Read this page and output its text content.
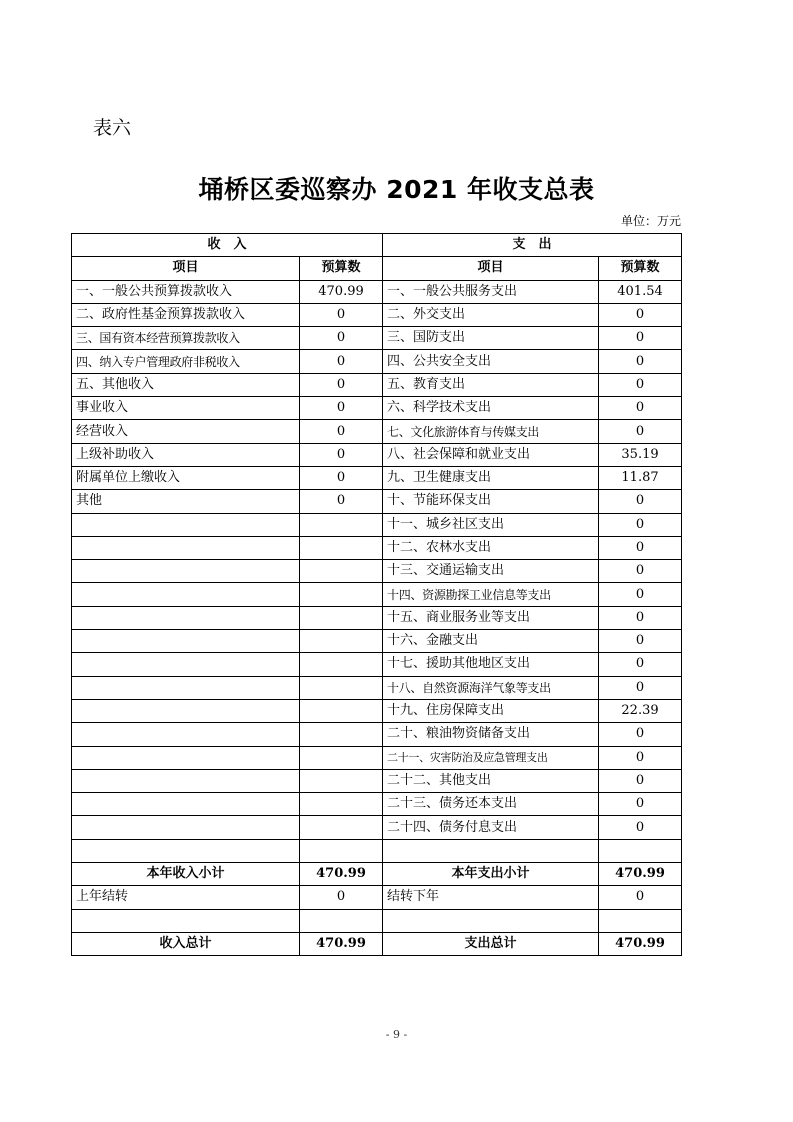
表六
埇桥区委巡察办 2021 年收支总表
单位：万元
收　入		支　出	
项目	预算数	项目	预算数
一、一般公共预算拨款收入	470.99	一、一般公共服务支出	401.54
二、政府性基金预算拨款收入	0	二、外交支出	0
三、国有资本经营预算拨款收入	0	三、国防支出	0
四、纳入专户管理政府非税收入	0	四、公共安全支出	0
五、其他收入	0	五、教育支出	0
事业收入	0	六、科学技术支出	0
经营收入	0	七、文化旅游体育与传媒支出	0
上级补助收入	0	八、社会保障和就业支出	35.19
附属单位上缴收入	0	九、卫生健康支出	11.87
其他	0	十、节能环保支出	0
		十一、城乡社区支出	0
		十二、农林水支出	0
		十三、交通运输支出	0
		十四、资源勘探工业信息等支出	0
		十五、商业服务业等支出	0
		十六、金融支出	0
		十七、援助其他地区支出	0
		十八、自然资源海洋气象等支出	0
		十九、住房保障支出	22.39
		二十、粮油物资储备支出	0
		二十一、灾害防治及应急管理支出	0
		二十二、其他支出	0
		二十三、债务还本支出	0
		二十四、债务付息支出	0

本年收入小计	470.99	本年支出小计	470.99
上年结转	0	结转下年	0

收入总计	470.99	支出总计	470.99
- 9 -
